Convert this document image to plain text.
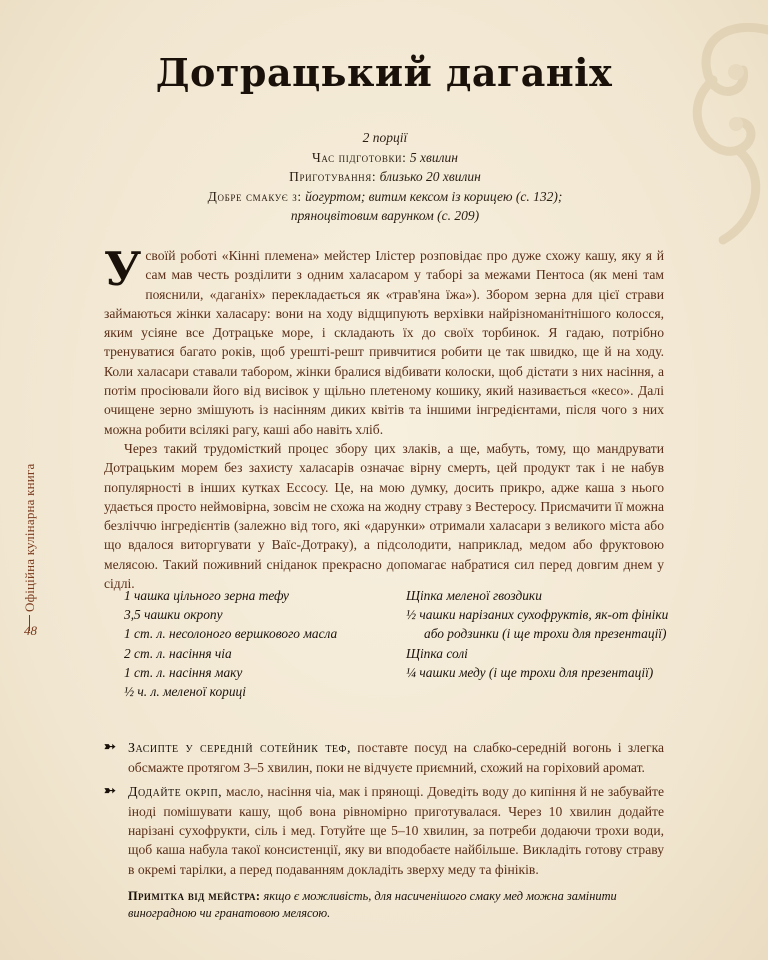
Офіційна кулінарна книга
48
Дотрацький даганіх
2 порції
Час підготовки: 5 хвилин
Приготування: близько 20 хвилин
Добре смакує з: йогуртом; витим кексом із корицею (с. 132);
пряноцвітовим варунком (с. 209)

У своїй роботі «Кінні племена» мейстер Ілістер розповідає про дуже схожу кашу, яку я й сам мав честь розділити з одним халасаром у таборі за межами Пентоса (як мені там пояснили, «даганіх» перекладається як «трав'яна їжа»). Збором зерна для цієї страви займаються жінки халасару: вони на ходу відщипують верхівки найрізноманітнішого колосся, яким усіяне все Дотрацьке море, і складають їх до своїх торбинок. Я гадаю, потрібно тренуватися багато років, щоб урешті-решт привчитися робити це так швидко, ще й на ходу. Коли халасари ставали табором, жінки бралися відбивати колоски, щоб дістати з них насіння, а потім просіювали його від висівок у щільно плетеному кошику, який називається «кесо». Далі очищене зерно змішують із насінням диких квітів та іншими інгредієнтами, після чого з них можна робити всілякі рагу, каші або навіть хліб.

Через такий трудомісткий процес збору цих злаків, а ще, мабуть, тому, що мандрувати Дотрацьким морем без захисту халасарів означає вірну смерть, цей продукт так і не набув популярності в інших кутках Ессосу. Це, на мою думку, досить прикро, адже каша з нього удається просто неймовірна, зовсім не схожа на жодну страву з Вестеросу. Присмачити її можна безліччю інгредієнтів (залежно від того, які «дарунки» отримали халасари з великого міста або що вдалося виторгувати у Ваїс-Дотраку), а підсолодити, наприклад, медом або фруктовою мелясою. Такий поживний сніданок прекрасно допомагає набратися сил перед довгим днем у сідлі.

1 чашка цільного зерна тефу

3,5 чашки окропу

1 ст. л. несолоного вершкового масла

2 ст. л. насіння чіа

1 ст. л. насіння маку

½ ч. л. меленої кориці

Щіпка меленої гвоздики

½ чашки нарізаних сухофруктів, як-от фініки

або родзинки (і ще трохи для презентації)

Щіпка солі

¼ чашки меду (і ще трохи для презентації)

➳ Засипте у середній сотейник теф, поставте посуд на слабко-середній вогонь і злегка обсмажте протягом 3–5 хвилин, поки не відчуєте приємний, схожий на горіховий аромат.
➳ Додайте окріп, масло, насіння чіа, мак і прянощі. Доведіть воду до кипіння й не забувайте іноді помішувати кашу, щоб вона рівномірно приготувалася. Через 10 хвилин додайте нарізані сухофрукти, сіль і мед. Готуйте ще 5–10 хвилин, за потреби додаючи трохи води, щоб каша набула такої консистенції, яку ви вподобаєте найбільше. Викладіть готову страву в окремі тарілки, а перед подаванням докладіть зверху меду та фініків.
Примітка від мейстра: якщо є можливість, для насиченішого смаку мед можна замінити виноградною чи гранатовою мелясою.
